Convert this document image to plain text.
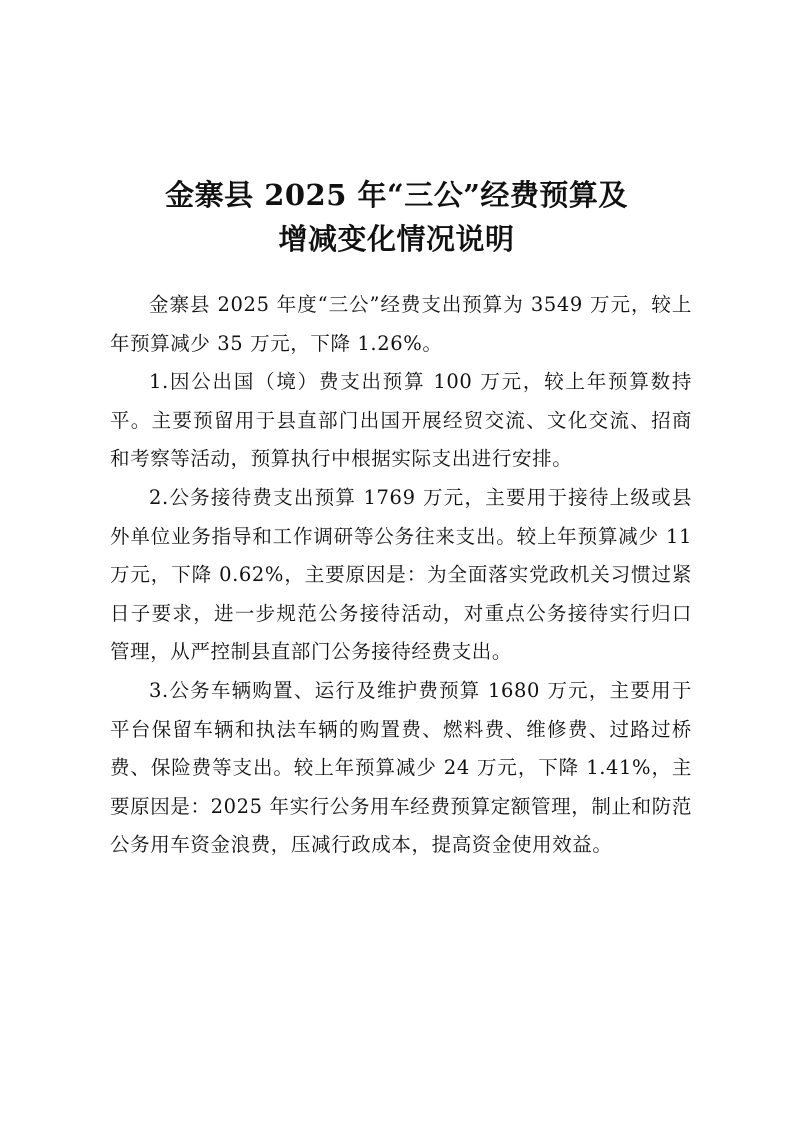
金寨县 2025 年“三公”经费预算及
增减变化情况说明

金寨县 2025 年度“三公”经费支出预算为 3549 万元，较上年预算减少 35 万元，下降 1.26%。

1.因公出国（境）费支出预算 100 万元，较上年预算数持平。主要预留用于县直部门出国开展经贸交流、文化交流、招商和考察等活动，预算执行中根据实际支出进行安排。

2.公务接待费支出预算 1769 万元，主要用于接待上级或县外单位业务指导和工作调研等公务往来支出。较上年预算减少 11 万元，下降 0.62%，主要原因是：为全面落实党政机关习惯过紧日子要求，进一步规范公务接待活动，对重点公务接待实行归口管理，从严控制县直部门公务接待经费支出。

3.公务车辆购置、运行及维护费预算 1680 万元，主要用于平台保留车辆和执法车辆的购置费、燃料费、维修费、过路过桥费、保险费等支出。较上年预算减少 24 万元，下降 1.41%，主要原因是：2025 年实行公务用车经费预算定额管理，制止和防范公务用车资金浪费，压减行政成本，提高资金使用效益。
